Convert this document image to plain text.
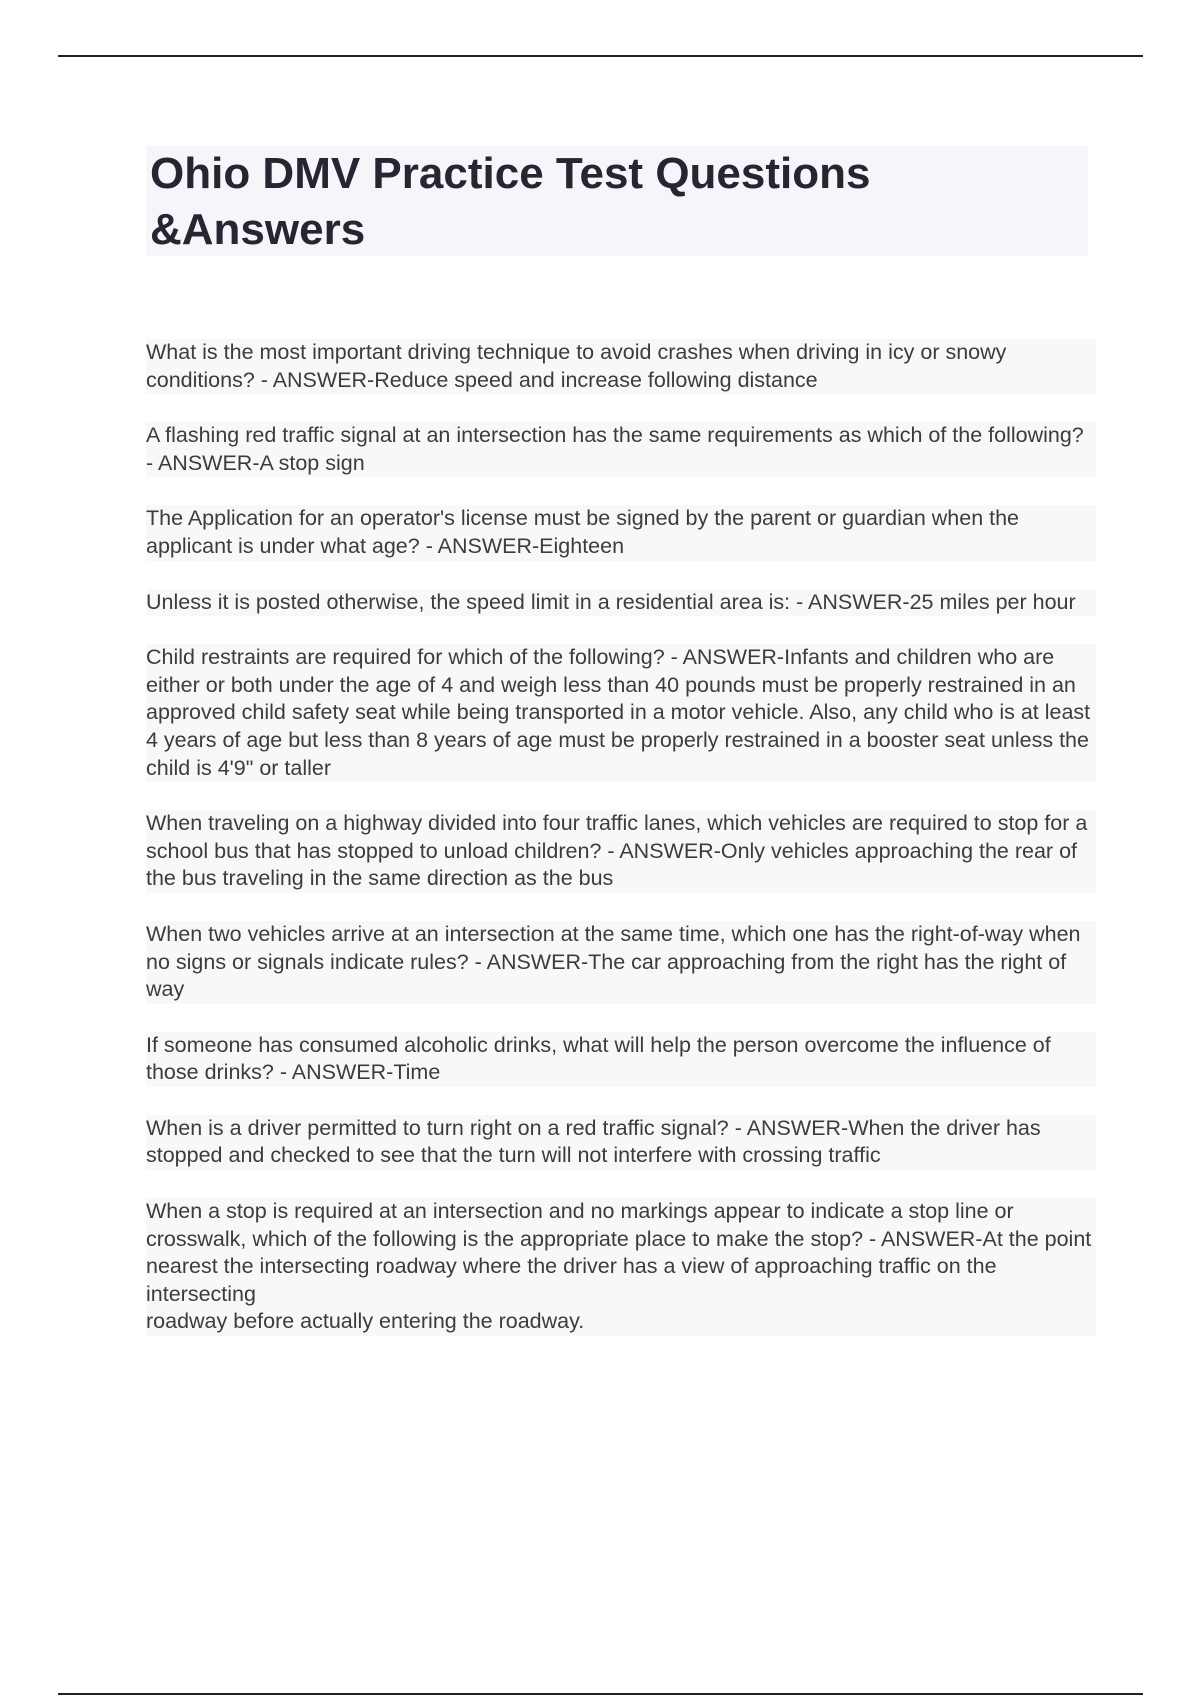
Ohio DMV Practice Test Questions &Answers

What is the most important driving technique to avoid crashes when driving in icy or snowy conditions? - ANSWER-Reduce speed and increase following distance

A flashing red traffic signal at an intersection has the same requirements as which of the following? - ANSWER-A stop sign

The Application for an operator's license must be signed by the parent or guardian when the applicant is under what age? - ANSWER-Eighteen

Unless it is posted otherwise, the speed limit in a residential area is: - ANSWER-25 miles per hour

Child restraints are required for which of the following? - ANSWER-Infants and children who are either or both under the age of 4 and weigh less than 40 pounds must be properly restrained in an approved child safety seat while being transported in a motor vehicle. Also, any child who is at least 4 years of age but less than 8 years of age must be properly restrained in a booster seat unless the child is 4'9" or taller

When traveling on a highway divided into four traffic lanes, which vehicles are required to stop for a school bus that has stopped to unload children? - ANSWER-Only vehicles approaching the rear of the bus traveling in the same direction as the bus

When two vehicles arrive at an intersection at the same time, which one has the right-of-way when no signs or signals indicate rules? - ANSWER-The car approaching from the right has the right of way

If someone has consumed alcoholic drinks, what will help the person overcome the influence of those drinks? - ANSWER-Time

When is a driver permitted to turn right on a red traffic signal? - ANSWER-When the driver has stopped and checked to see that the turn will not interfere with crossing traffic

When a stop is required at an intersection and no markings appear to indicate a stop line or crosswalk, which of the following is the appropriate place to make the stop? - ANSWER-At the point nearest the intersecting roadway where the driver has a view of approaching traffic on the intersecting
roadway before actually entering the roadway.
